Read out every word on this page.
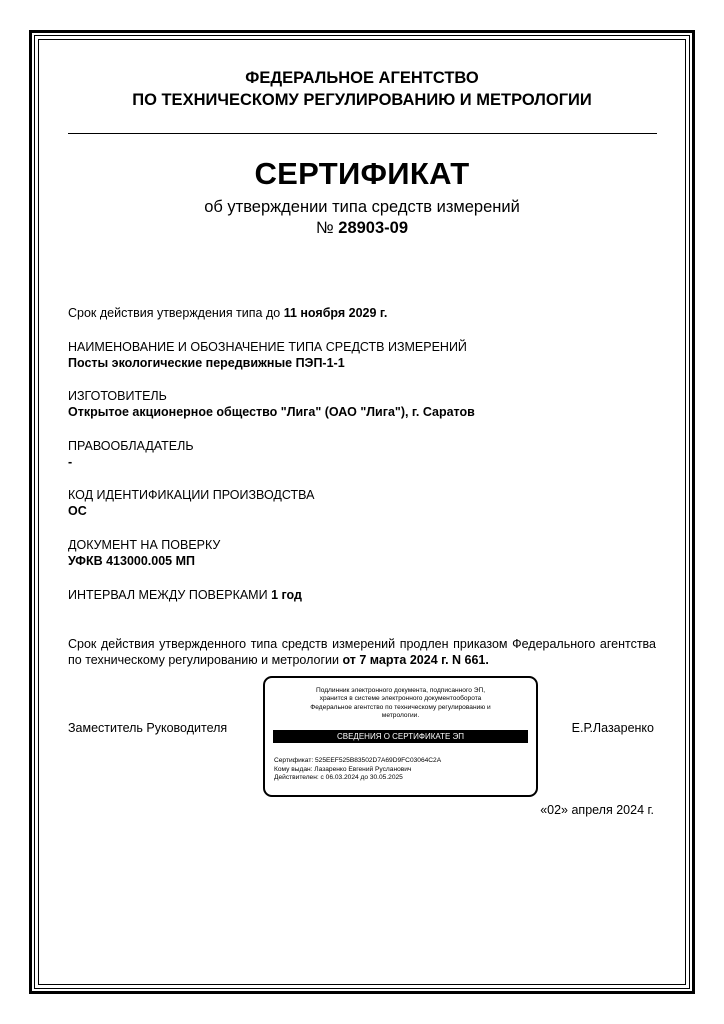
ФЕДЕРАЛЬНОЕ АГЕНТСТВО
ПО ТЕХНИЧЕСКОМУ РЕГУЛИРОВАНИЮ И МЕТРОЛОГИИ
СЕРТИФИКАТ
об утверждении типа средств измерений
№ 28903-09
Срок действия утверждения типа до 11 ноября 2029 г.
НАИМЕНОВАНИЕ И ОБОЗНАЧЕНИЕ ТИПА СРЕДСТВ ИЗМЕРЕНИЙ
Посты экологические передвижные ПЭП-1-1
ИЗГОТОВИТЕЛЬ
Открытое акционерное общество "Лига" (ОАО "Лига"), г. Саратов
ПРАВООБЛАДАТЕЛЬ
-
КОД ИДЕНТИФИКАЦИИ ПРОИЗВОДСТВА
ОС
ДОКУМЕНТ НА ПОВЕРКУ
УФКВ 413000.005 МП
ИНТЕРВАЛ МЕЖДУ ПОВЕРКАМИ 1 год
Срок действия утвержденного типа средств измерений продлен приказом Федерального агентства по техническому регулированию и метрологии от 7 марта 2024 г. N 661.
Заместитель Руководителя
Подлинник электронного документа, подписанного ЭП,
хранится в системе электронного документооборота
Федеральное агентство по техническому регулированию и
метрологии.
СВЕДЕНИЯ О СЕРТИФИКАТЕ ЭП
Сертификат: 525EEF525B83502D7A69D9FC03064C2A
Кому выдан: Лазаренко Евгений Русланович
Действителен: с 06.03.2024 до 30.05.2025
Е.Р.Лазаренко
«02» апреля 2024 г.
